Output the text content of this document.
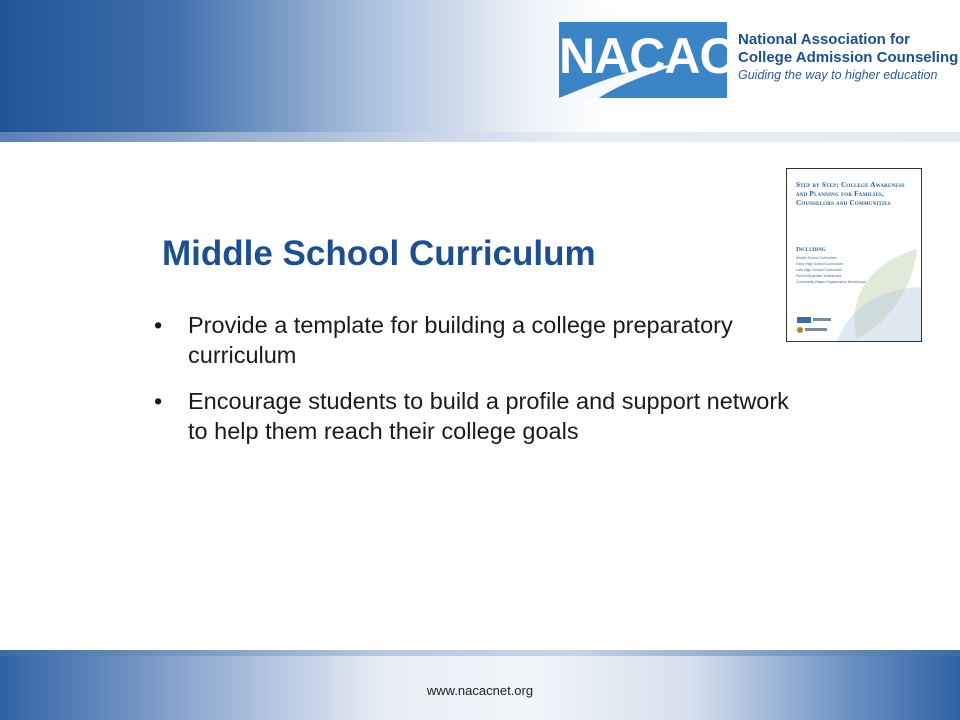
NACAC National Association for
College Admission Counseling
Guiding the way to higher education
Step by Step: College Awareness and Planning for Families, Counselors and Communities
Including
Middle School Curriculum
Early High School Curriculum
Late High School Curriculum
Parent/Guardian Workshops
Community-Based Organization Workshops
Middle School Curriculum
• Provide a template for building a college preparatory curriculum
• Encourage students to build a profile and support network to help them reach their college goals
www.nacacnet.org
